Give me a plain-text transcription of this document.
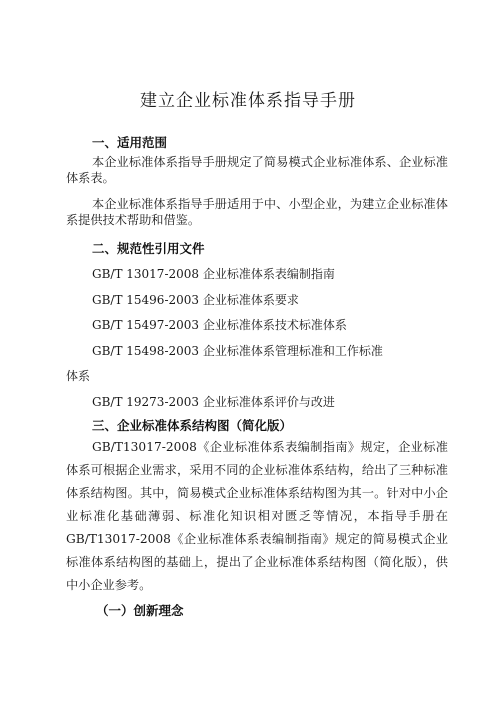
建立企业标准体系指导手册
一、适用范围
本企业标准体系指导手册规定了简易模式企业标准体系、企业标准体系表。
本企业标准体系指导手册适用于中、小型企业，为建立企业标准体系提供技术帮助和借鉴。
二、规范性引用文件
GB/T 13017-2008 企业标准体系表编制指南
GB/T 15496-2003 企业标准体系要求
GB/T 15497-2003 企业标准体系技术标准体系
GB/T 15498-2003 企业标准体系管理标准和工作标准
体系
GB/T 19273-2003 企业标准体系评价与改进
三、企业标准体系结构图（简化版）
GB/T13017-2008《企业标准体系表编制指南》规定，企业标准体系可根据企业需求，采用不同的企业标准体系结构，给出了三种标准体系结构图。其中，简易模式企业标准体系结构图为其一。针对中小企业标准化基础薄弱、标准化知识相对匮乏等情况，本指导手册在GB/T13017-2008《企业标准体系表编制指南》规定的简易模式企业标准体系结构图的基础上，提出了企业标准体系结构图（简化版），供中小企业参考。
（一）创新理念
